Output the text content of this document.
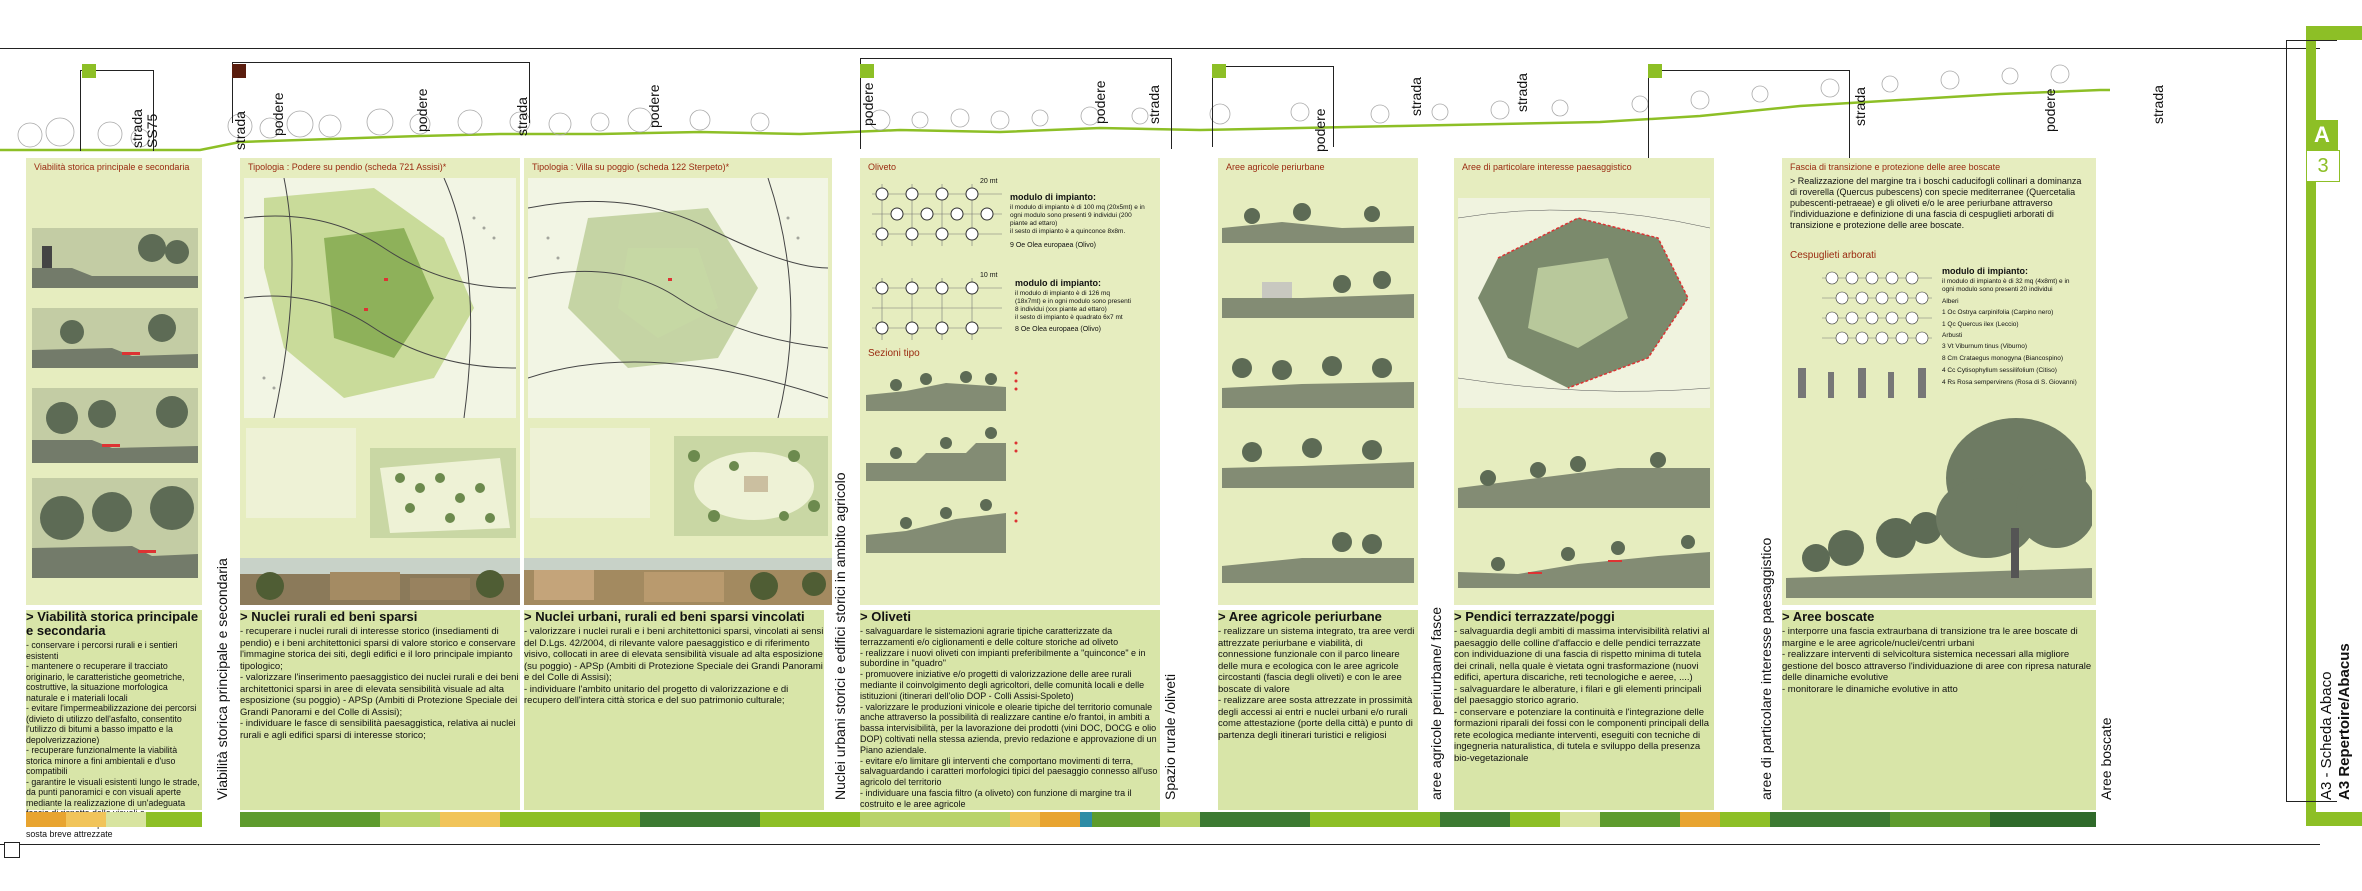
A
3
A3 - Scheda Abaco A3 Repertoire/Abacus
strada
SS75	strada podere	podere	strada	podere	podere	podere	strada
podere
strada	strada	strada	podere	strada
Viabilità storica principale e secondaria	Tipologia : Podere su pendio (scheda 721 Assisi)*	Tipologia : Villa su poggio (scheda 122 Sterpeto)*	Oliveto
20 mt
modulo di impianto:
il modulo di impianto è di 100 mq (20x5mt) e in
ogni modulo sono presenti 9 individui (200
piante ad ettaro)
il sesto di impianto è a quinconce 8x8m.
9 Oe Olea europaea (Olivo)
10 mt
modulo di impianto:
il modulo di impianto è di 126 mq
(18x7mt) e in ogni modulo sono presenti
8 individui (xxx piante ad ettaro)
il sesto di impianto è quadrato 6x7 mt
8 Oe Olea europaea (Olivo)
Sezioni tipo
Aree agricole periurbane	Aree di particolare interesse paesaggistico	Fascia di transizione e protezione delle aree boscate
> Realizzazione del margine tra i boschi caducifogli collinari a dominanza di roverella (Quercus pubescens) con specie mediterranee (Quercetalia pubescenti-petraeae) e gli oliveti e/o le aree periurbane attraverso l'individuazione e definizione di una fascia di cespuglieti arborati di transizione e protezione delle aree boscate.
Cespuglieti arborati
modulo di impianto:
il modulo di impianto è di 32 mq (4x8mt) e in
ogni modulo sono presenti 20 individui
Alberi
1 Oc Ostrya carpinifolia (Carpino nero)
1 Qc Quercus ilex (Leccio)
Arbusti
3 Vt Viburnum tinus (Viburno)
8 Cm Crataegus monogyna (Biancospino)
4 Cc Cytisophyllum sessilifolium (Citiso)
4 Rs Rosa sempervirens (Rosa di S. Giovanni)
Viabilità storica principale e secondaria	Nuclei urbani storici e edifici storici in ambito agricolo	Spazio rurale /oliveti	aree agricole periurbane/ fasce	aree di particolare interesse paesaggistico	Aree boscate
> Viabilità storica principale e secondaria
- conservare i percorsi rurali e i sentieri esistenti
- mantenere o recuperare il tracciato originario, le caratteristiche geometriche, costruttive, la situazione morfologica naturale e i materiali locali
- evitare l'impermeabilizzazione dei percorsi (divieto di utilizzo dell'asfalto, consentito l'utilizzo di bitumi a basso impatto e la depolverizzazione)
- recuperare funzionalmente la viabilità storica minore a fini ambientali e d'uso compatibili
- garantire le visuali esistenti lungo le strade, da punti panoramici e con visuali aperte mediante la realizzazione di un'adeguata sosta breve attrezzate
> Nuclei rurali ed beni sparsi
- recuperare i nuclei rurali di interesse storico (insediamenti di pendio) e i beni architettonici sparsi di valore storico e conservare l'immagine storica dei siti, degli edifici e il loro principale impianto tipologico;
- valorizzare l'inserimento paesaggistico dei nuclei rurali e dei beni architettonici sparsi in aree di elevata sensibilità visuale ad alta esposizione (su poggio) - APSp (Ambiti di Protezione Speciale dei Grandi Panorami e del Colle di Assisi);
- individuare le fasce di sensibilità paesaggistica, relativa ai nuclei rurali e agli edifici sparsi di interesse storico;
> Nuclei urbani, rurali ed beni sparsi vincolati
- valorizzare i nuclei rurali e i beni architettonici sparsi, vincolati ai sensi del D.Lgs. 42/2004, di rilevante valore paesaggistico e di riferimento visivo, collocati in aree di elevata sensibilità visuale ad alta esposizione (su poggio) - APSp (Ambiti di Protezione Speciale dei Grandi Panorami e del Colle di Assisi);
- individuare l'ambito unitario del progetto di valorizzazione e di recupero dell'intera città storica e del suo patrimonio culturale;
> Oliveti
- salvaguardare le sistemazioni agrarie tipiche caratterizzate da terrazzamenti e/o ciglionamenti e delle colture storiche ad oliveto
- realizzare i nuovi oliveti con impianti preferibilmente a "quinconce" e in subordine in "quadro"
- promuovere iniziative e/o progetti di valorizzazione delle aree rurali mediante il coinvolgimento degli agricoltori, delle comunità locali e delle istituzioni (itinerari dell'olio DOP - Colli Assisi-Spoleto)
- valorizzare le produzioni vinicole e olearie tipiche del territorio comunale anche attraverso la possibilità di realizzare cantine e/o frantoi, in ambiti a bassa intervisibilità, per la lavorazione dei prodotti (vini DOC, DOCG e olio DOP) coltivati nella stessa azienda, previo redazione e approvazione di un Piano aziendale.
- evitare e/o limitare gli interventi che comportano movimenti di terra, salvaguardando i caratteri morfologici tipici del paesaggio connesso all'uso agricolo del territorio
- individuare una fascia filtro (a oliveto) con funzione di margine tra il costruito e le aree agricole
> Aree agricole periurbane
- realizzare un sistema integrato, tra aree verdi attrezzate periurbane e viabilità, di connessione funzionale con il parco lineare delle mura e ecologica con le aree agricole circostanti (fascia degli oliveti) e con le aree boscate di valore
- realizzare aree sosta attrezzate in prossimità degli accessi ai entri e nuclei urbani e/o rurali come attestazione (porte della città) e punto di partenza degli itinerari turistici e religiosi
> Pendici terrazzate/poggi
- salvaguardia degli ambiti di massima intervisibilità relativi al paesaggio delle colline d'affaccio e delle pendici terrazzate con individuazione di una fascia di rispetto minima di tutela dei crinali, nella quale è vietata ogni trasformazione (nuovi edifici, apertura discariche, reti tecnologiche e aeree, ....)
- salvaguardare le alberature, i filari e gli elementi principali del paesaggio storico agrario.
- conservare e potenziare la continuità e l'integrazione delle formazioni riparali dei fossi con le componenti principali della rete ecologica mediante interventi, eseguiti con tecniche di ingegneria naturalistica, di tutela e sviluppo della presenza bio-vegetazionale
> Aree boscate
- interporre una fascia extraurbana di transizione tra le aree boscate di margine e le aree agricole/nuclei/centri urbani
- realizzare interventi di selvicoltura sistemica necessari alla migliore gestione del bosco attraverso l'individuazione di aree con ripresa naturale delle dinamiche evolutive
- monitorare le dinamiche evolutive in atto
